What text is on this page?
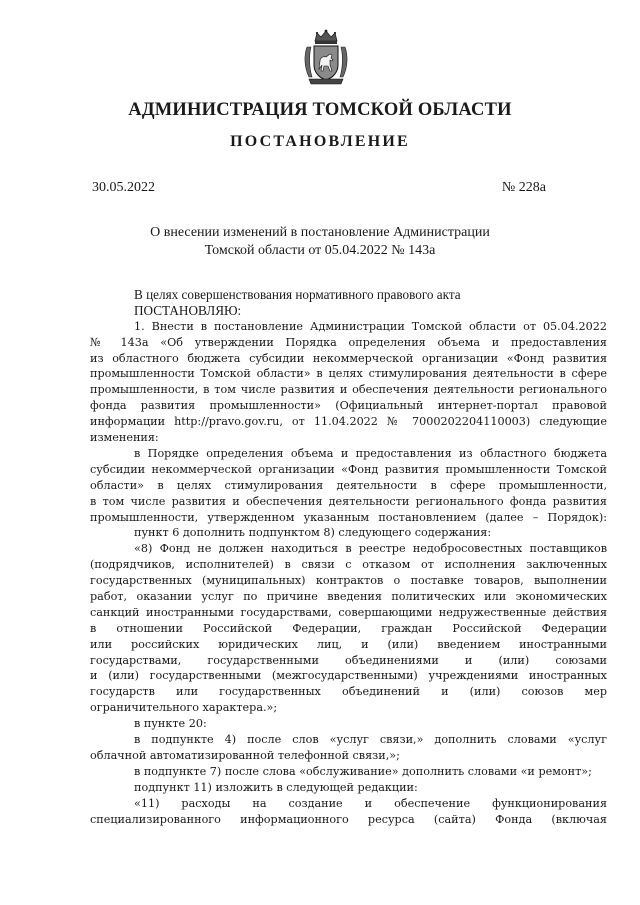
АДМИНИСТРАЦИЯ ТОМСКОЙ ОБЛАСТИ
ПОСТАНОВЛЕНИЕ
30.05.2022	№ 228а
О внесении изменений в постановление Администрации
Томской области от 05.04.2022 № 143а
В целях совершенствования нормативного правового акта
ПОСТАНОВЛЯЮ:
1. Внести в постановление Администрации Томской области от 05.04.2022
№ 143а «Об утверждении Порядка определения объема и предоставления
из областного бюджета субсидии некоммерческой организации «Фонд развития
промышленности Томской области» в целях стимулирования деятельности в сфере
промышленности, в том числе развития и обеспечения деятельности регионального
фонда развития промышленности» (Официальный интернет-портал правовой
информации http://pravo.gov.ru, от 11.04.2022 № 7000202204110003) следующие
изменения:
в Порядке определения объема и предоставления из областного бюджета
субсидии некоммерческой организации «Фонд развития промышленности Томской
области» в целях стимулирования деятельности в сфере промышленности,
в том числе развития и обеспечения деятельности регионального фонда развития
промышленности, утвержденном указанным постановлением (далее – Порядок):
пункт 6 дополнить подпунктом 8) следующего содержания:
«8) Фонд не должен находиться в реестре недобросовестных поставщиков
(подрядчиков, исполнителей) в связи с отказом от исполнения заключенных
государственных (муниципальных) контрактов о поставке товаров, выполнении
работ, оказании услуг по причине введения политических или экономических
санкций иностранными государствами, совершающими недружественные действия
в отношении Российской Федерации, граждан Российской Федерации
или российских юридических лиц, и (или) введением иностранными
государствами, государственными объединениями и (или) союзами
и (или) государственными (межгосударственными) учреждениями иностранных
государств или государственных объединений и (или) союзов мер
ограничительного характера.»;
в пункте 20:
в подпункте 4) после слов «услуг связи,» дополнить словами «услуг
облачной автоматизированной телефонной связи,»;
в подпункте 7) после слова «обслуживание» дополнить словами «и ремонт»;
подпункт 11) изложить в следующей редакции:
«11) расходы на создание и обеспечение функционирования
специализированного информационного ресурса (сайта) Фонда (включая
